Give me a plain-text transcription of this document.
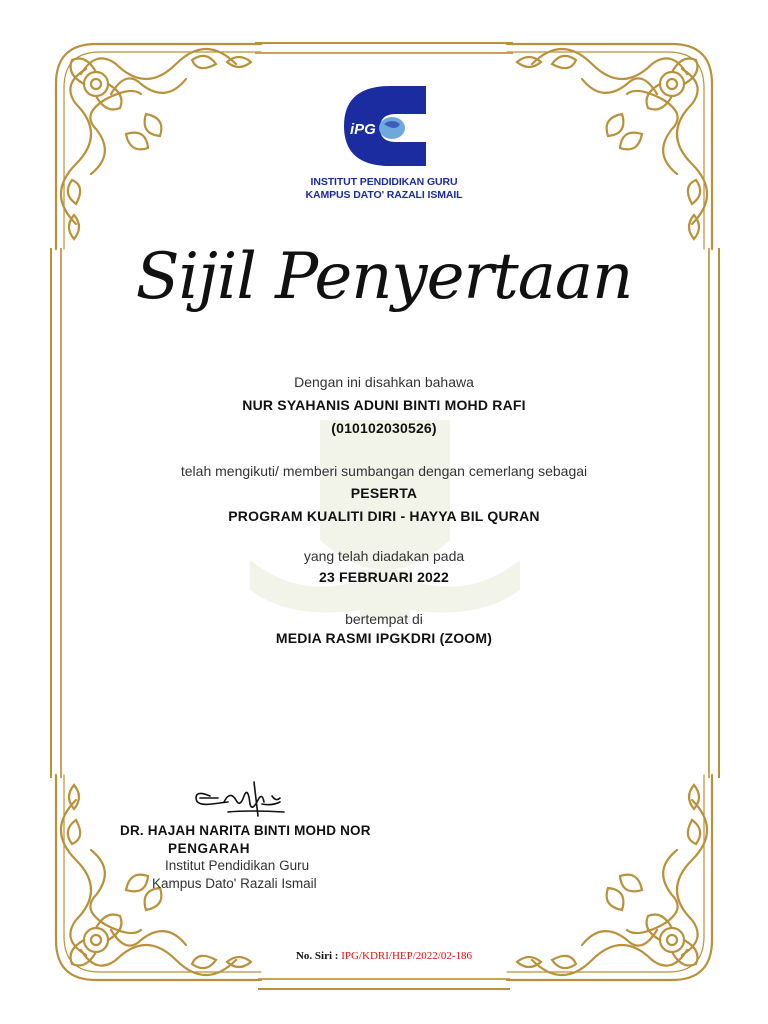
iPG
INSTITUT PENDIDIKAN GURU
KAMPUS DATO' RAZALI ISMAIL
Sijil Penyertaan
Dengan ini disahkan bahawa
NUR SYAHANIS ADUNI BINTI MOHD RAFI
(010102030526)
telah mengikuti/ memberi sumbangan dengan cemerlang sebagai
PESERTA
PROGRAM KUALITI DIRI - HAYYA BIL QURAN
yang telah diadakan pada
23 FEBRUARI 2022
bertempat di
MEDIA RASMI IPGKDRI (ZOOM)
DR. HAJAH NARITA BINTI MOHD NOR
PENGARAH
Institut Pendidikan Guru
Kampus Dato' Razali Ismail
No. Siri : IPG/KDRI/HEP/2022/02-186
